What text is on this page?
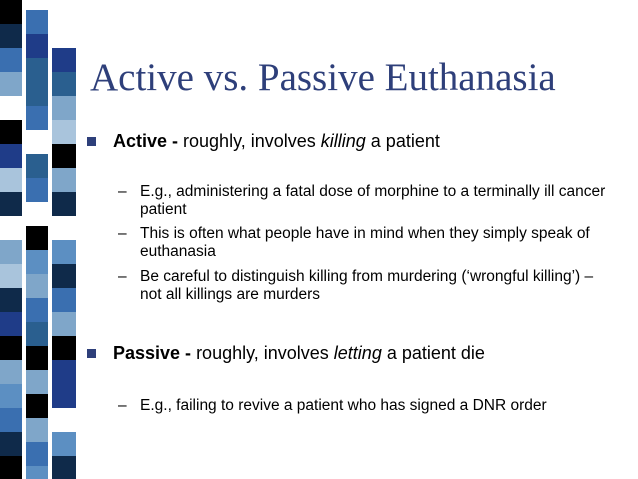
Active vs. Passive Euthanasia
Active - roughly, involves killing a patient
– E.g., administering a fatal dose of morphine to a terminally ill cancer patient
– This is often what people have in mind when they simply speak of euthanasia
– Be careful to distinguish killing from murdering (‘wrongful killing’) – not all killings are murders
Passive - roughly, involves letting a patient die
– E.g., failing to revive a patient who has signed a DNR order
